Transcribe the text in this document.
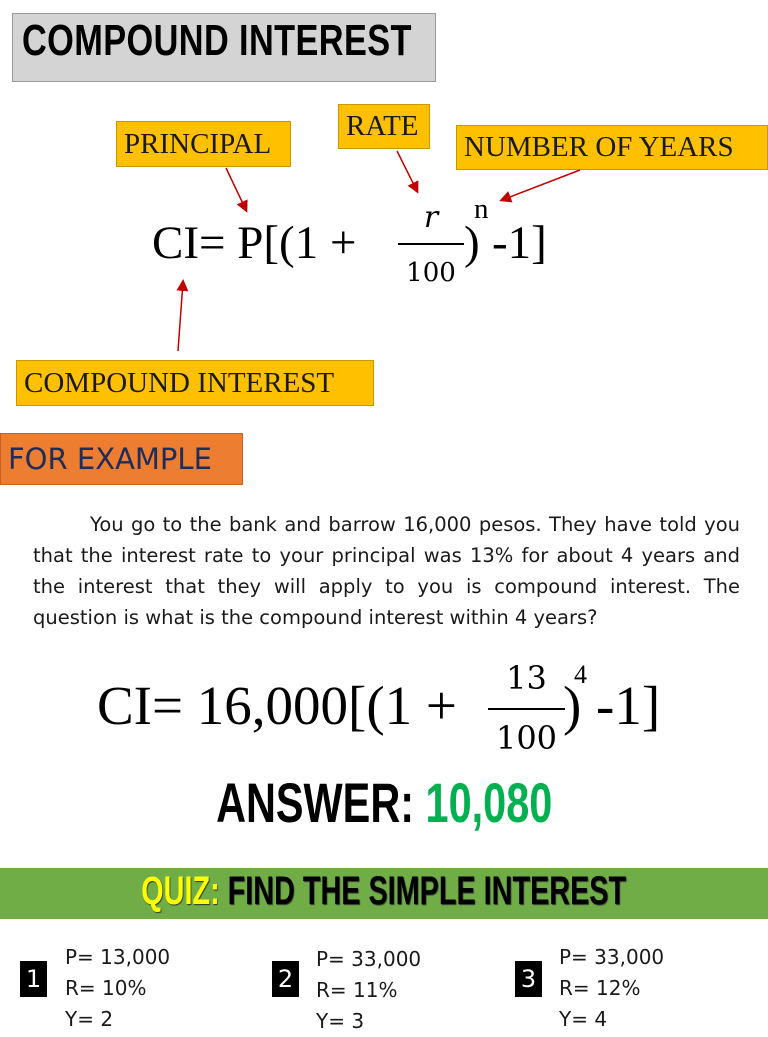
COMPOUND INTEREST
PRINCIPAL
RATE
NUMBER OF YEARS
COMPOUND INTEREST
CI= P[(1 +	r
100
)
n
-1]
FOR EXAMPLE
You go to the bank and barrow 16,000 pesos. They have told you that the interest rate to your principal was 13% for about 4 years and the interest that they will apply to you is compound interest. The question is what is the compound interest within 4 years?
CI= 16,000[(1 +	13
100
)
4
-1]
ANSWER: 10,080
QUIZ: FIND THE SIMPLE INTEREST
1
P= 13,000
R= 10%
Y= 2
2
P= 33,000
R= 11%
Y= 3
3
P= 33,000
R= 12%
Y= 4
